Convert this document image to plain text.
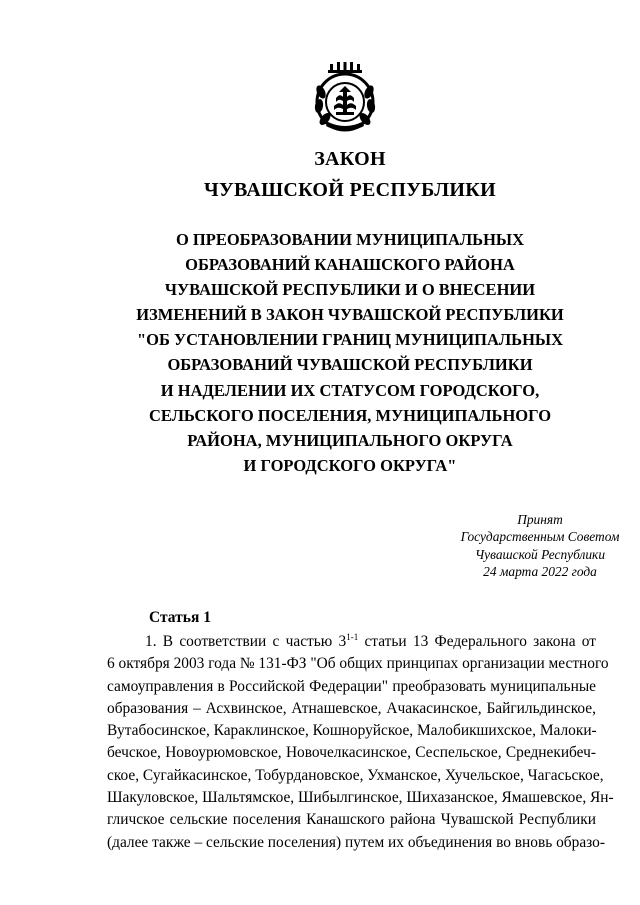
ЗАКОН
ЧУВАШСКОЙ РЕСПУБЛИКИ
О ПРЕОБРАЗОВАНИИ МУНИЦИПАЛЬНЫХ
ОБРАЗОВАНИЙ КАНАШСКОГО РАЙОНА
ЧУВАШСКОЙ РЕСПУБЛИКИ И О ВНЕСЕНИИ
ИЗМЕНЕНИЙ В ЗАКОН ЧУВАШСКОЙ РЕСПУБЛИКИ
"ОБ УСТАНОВЛЕНИИ ГРАНИЦ МУНИЦИПАЛЬНЫХ
ОБРАЗОВАНИЙ ЧУВАШСКОЙ РЕСПУБЛИКИ
И НАДЕЛЕНИИ ИХ СТАТУСОМ ГОРОДСКОГО,
СЕЛЬСКОГО ПОСЕЛЕНИЯ, МУНИЦИПАЛЬНОГО
РАЙОНА, МУНИЦИПАЛЬНОГО ОКРУГА
И ГОРОДСКОГО ОКРУГА"
Принят
Государственным Советом
Чувашской Республики
24 марта 2022 года
Статья 1
1. В соответствии с частью 3$^{1-1}$ статьи 13 Федерального закона от
6 октября 2003 года № 131-ФЗ "Об общих принципах организации местного
самоуправления в Российской Федерации" преобразовать муниципальные
образования – Асхвинское, Атнашевское, Ачакасинское, Байгильдинское,
Вутабосинское, Караклинское, Кошноруйское, Малобикшихское, Малоки-
бечское, Новоурюмовское, Новочелкасинское, Сеспельское, Среднекибеч-
ское, Сугайкасинское, Тобурдановское, Ухманское, Хучельское, Чагасьское,
Шакуловское, Шальтямское, Шибылгинское, Шихазанское, Ямашевское, Ян-
гличское сельские поселения Канашского района Чувашской Республики
(далее также – сельские поселения) путем их объединения во вновь образо-
